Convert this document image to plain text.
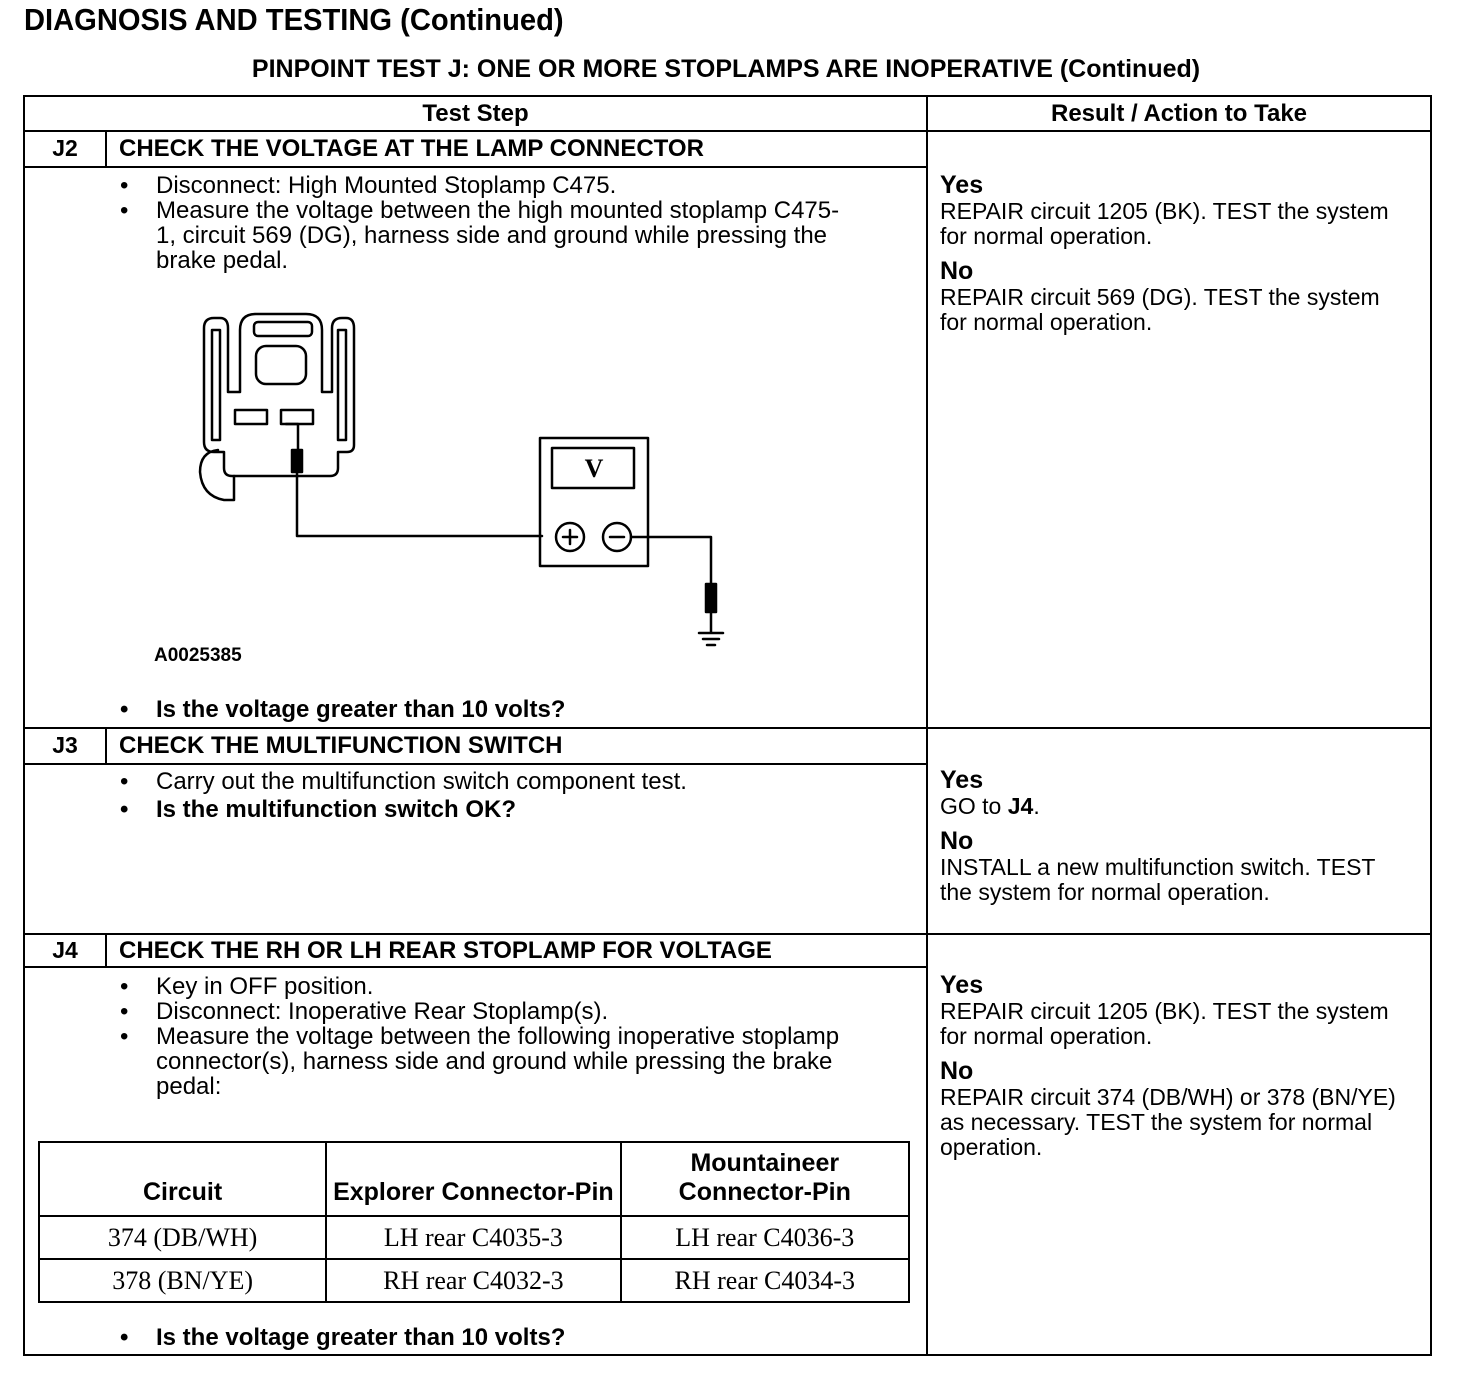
DIAGNOSIS AND TESTING (Continued)
PINPOINT TEST J: ONE OR MORE STOPLAMPS ARE INOPERATIVE (Continued)
Test Step	Result / Action to Take
J2	CHECK THE VOLTAGE AT THE LAMP CONNECTOR
• Disconnect: High Mounted Stoplamp C475.
• Measure the voltage between the high mounted stoplamp C475-1, circuit 569 (DG), harness side and ground while pressing the brake pedal.
V
A0025385
• Is the voltage greater than 10 volts?
Yes
REPAIR circuit 1205 (BK). TEST the system for normal operation.
No
REPAIR circuit 569 (DG). TEST the system for normal operation.
J3	CHECK THE MULTIFUNCTION SWITCH
• Carry out the multifunction switch component test.
• Is the multifunction switch OK?
Yes
GO to J4.
No
INSTALL a new multifunction switch. TEST the system for normal operation.
J4	CHECK THE RH OR LH REAR STOPLAMP FOR VOLTAGE
• Key in OFF position.
• Disconnect: Inoperative Rear Stoplamp(s).
• Measure the voltage between the following inoperative stoplamp connector(s), harness side and ground while pressing the brake pedal:
Circuit	Explorer Connector-Pin	Mountaineer Connector-Pin
374 (DB/WH)	LH rear C4035-3	LH rear C4036-3
378 (BN/YE)	RH rear C4032-3	RH rear C4034-3
• Is the voltage greater than 10 volts?
Yes
REPAIR circuit 1205 (BK). TEST the system for normal operation.
No
REPAIR circuit 374 (DB/WH) or 378 (BN/YE) as necessary. TEST the system for normal operation.
